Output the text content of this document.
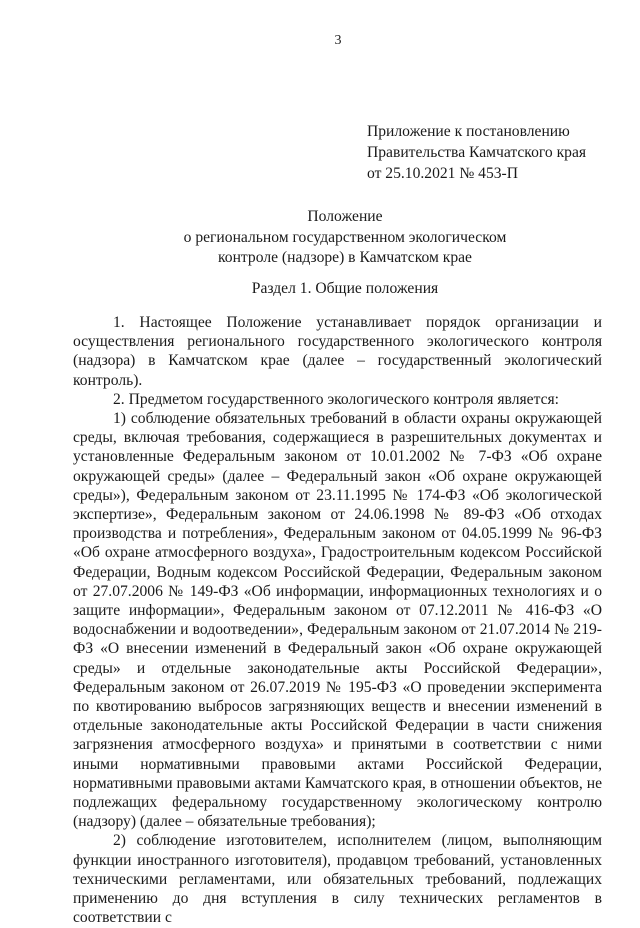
3
Приложение к постановлению
Правительства Камчатского края
от 25.10.2021 № 453-П
Положение
о региональном государственном экологическом
контроле (надзоре) в Камчатском крае
Раздел 1. Общие положения

1. Настоящее Положение устанавливает порядок организации и осуществления регионального государственного экологического контроля (надзора) в Камчатском крае (далее – государственный экологический контроль).

2. Предметом государственного экологического контроля является:

1) соблюдение обязательных требований в области охраны окружающей среды, включая требования, содержащиеся в разрешительных документах и установленные Федеральным законом от 10.01.2002 № 7-ФЗ «Об охране окружающей среды» (далее – Федеральный закон «Об охране окружающей среды»), Федеральным законом от 23.11.1995 № 174-ФЗ «Об экологической экспертизе», Федеральным законом от 24.06.1998 № 89-ФЗ «Об отходах производства и потребления», Федеральным законом от 04.05.1999 № 96-ФЗ «Об охране атмосферного воздуха», Градостроительным кодексом Российской Федерации, Водным кодексом Российской Федерации, Федеральным законом от 27.07.2006 № 149-ФЗ «Об информации, информационных технологиях и о защите информации», Федеральным законом от 07.12.2011 № 416-ФЗ «О водоснабжении и водоотведении», Федеральным законом от 21.07.2014 № 219-ФЗ «О внесении изменений в Федеральный закон «Об охране окружающей среды» и отдельные законодательные акты Российской Федерации», Федеральным законом от 26.07.2019 № 195-ФЗ «О проведении эксперимента по квотированию выбросов загрязняющих веществ и внесении изменений в отдельные законодательные акты Российской Федерации в части снижения загрязнения атмосферного воздуха» и принятыми в соответствии с ними иными нормативными правовыми актами Российской Федерации, нормативными правовыми актами Камчатского края, в отношении объектов, не подлежащих федеральному государственному экологическому контролю (надзору) (далее – обязательные требования);

2) соблюдение изготовителем, исполнителем (лицом, выполняющим функции иностранного изготовителя), продавцом требований, установленных техническими регламентами, или обязательных требований, подлежащих применению до дня вступления в силу технических регламентов в соответствии с
